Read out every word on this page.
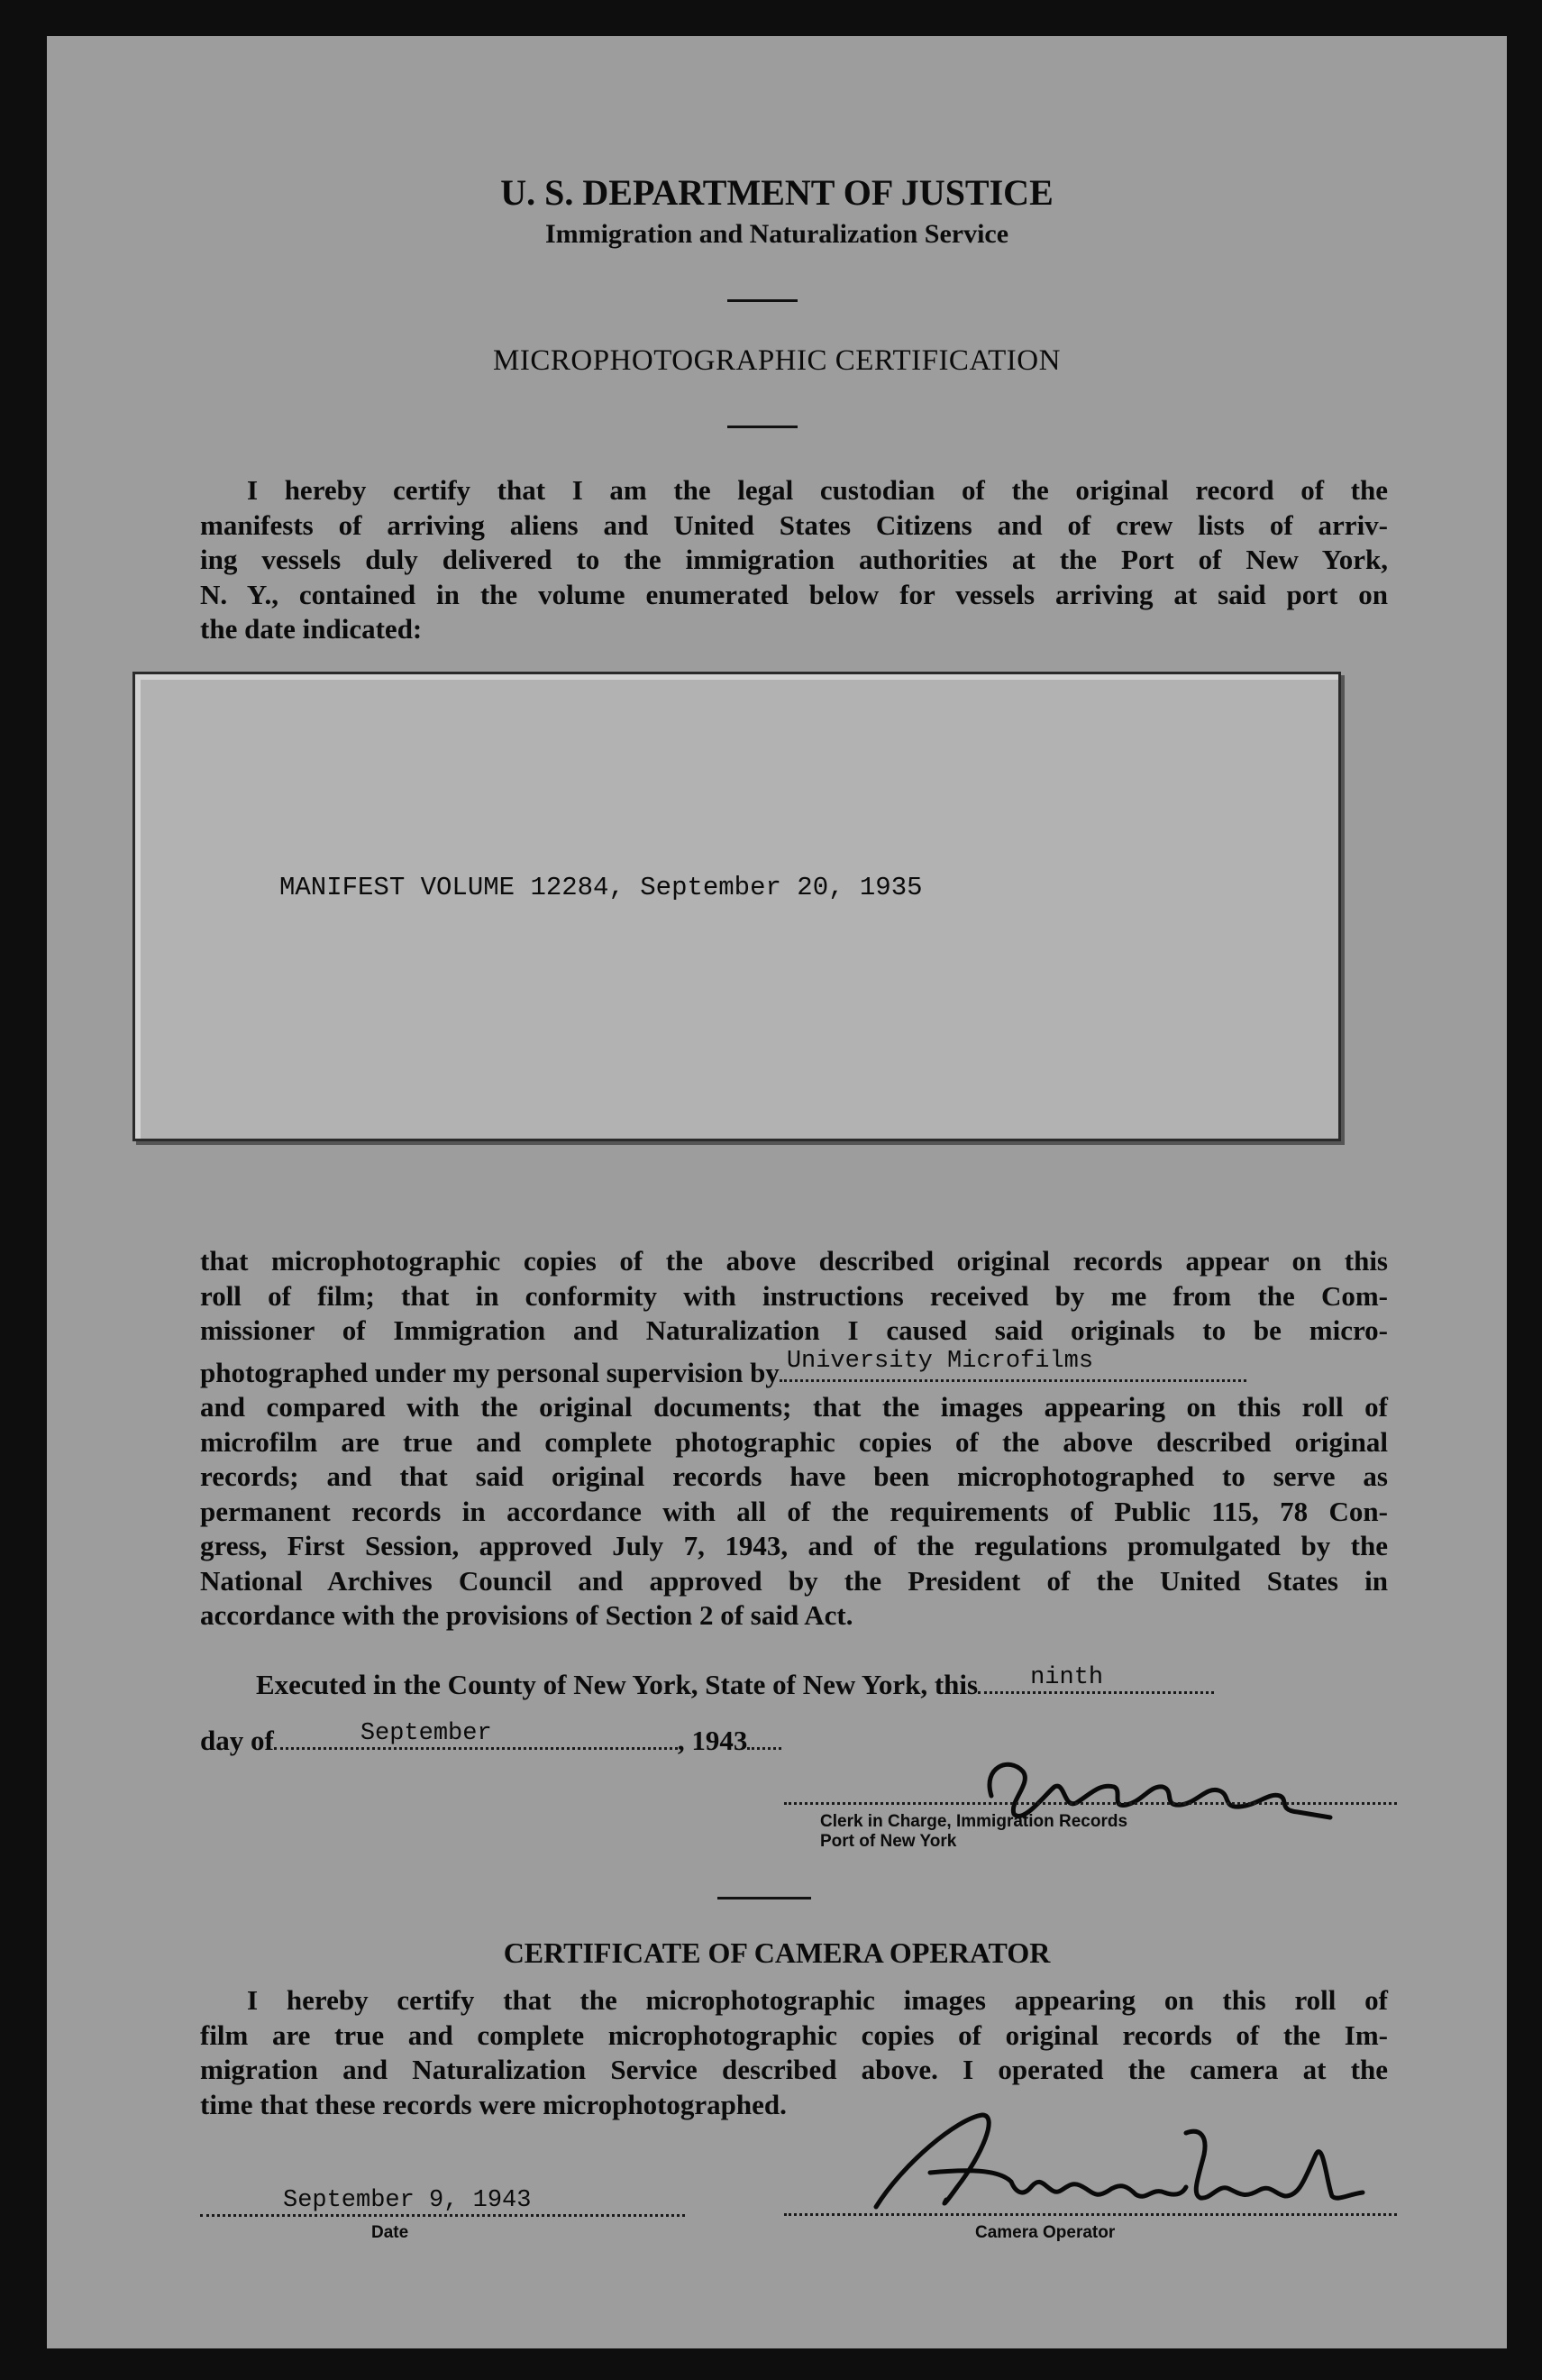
U. S. DEPARTMENT OF JUSTICE
Immigration and Naturalization Service
MICROPHOTOGRAPHIC CERTIFICATION
I hereby certify that I am the legal custodian of the original record of the
manifests of arriving aliens and United States Citizens and of crew lists of arriv-
ing vessels duly delivered to the immigration authorities at the Port of New York,
N. Y., contained in the volume enumerated below for vessels arriving at said port on
the date indicated:
MANIFEST VOLUME 12284, September 20, 1935
that microphotographic copies of the above described original records appear on this
roll of film; that in conformity with instructions received by me from the Com-
missioner of Immigration and Naturalization I caused said originals to be micro-
photographed under my personal supervision by University Microfilms
and compared with the original documents; that the images appearing on this roll of
microfilm are true and complete photographic copies of the above described original
records; and that said original records have been microphotographed to serve as
permanent records in accordance with all of the requirements of Public 115, 78 Con-
gress, First Session, approved July 7, 1943, and of the regulations promulgated by the
National Archives Council and approved by the President of the United States in
accordance with the provisions of Section 2 of said Act.
Executed in the County of New York, State of New York, this ninth
day of	September	, 1943
Clerk in Charge, Immigration Records
Port of New York
CERTIFICATE OF CAMERA OPERATOR
I hereby certify that the microphotographic images appearing on this roll of
film are true and complete microphotographic copies of original records of the Im-
migration and Naturalization Service described above. I operated the camera at the
time that these records were microphotographed.
September 9, 1943
Date	Camera Operator
